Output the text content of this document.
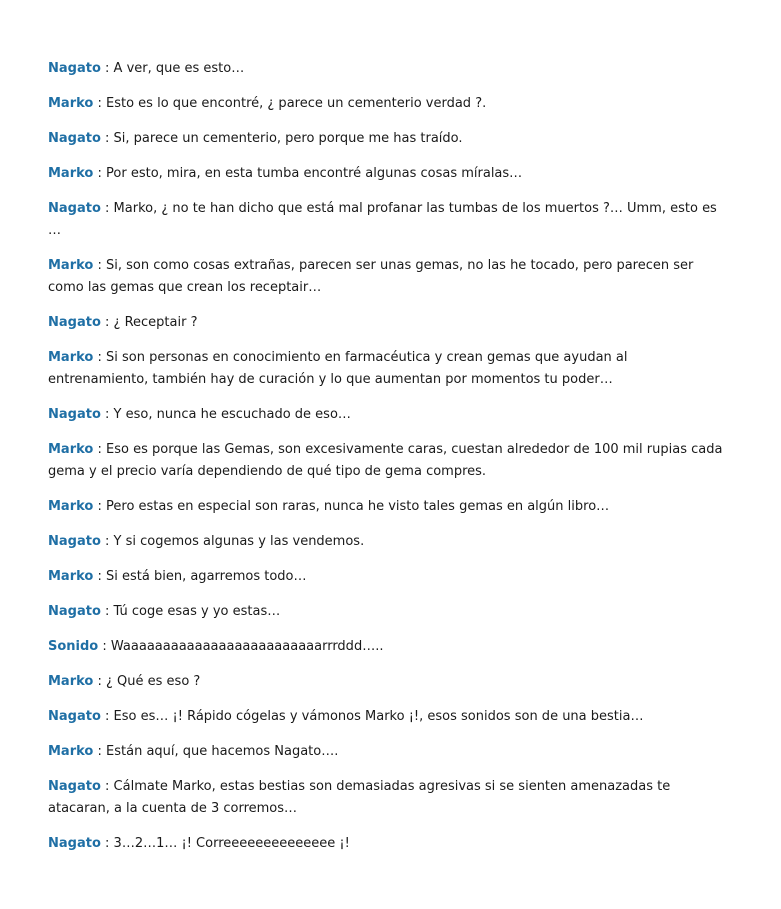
Nagato : A ver, que es esto…

Marko : Esto es lo que encontré, ¿ parece un cementerio verdad ?.

Nagato : Si, parece un cementerio, pero porque me has traído.

Marko : Por esto, mira, en esta tumba encontré algunas cosas míralas…

Nagato : Marko, ¿ no te han dicho que está mal profanar las tumbas de los muertos ?… Umm, esto es …

Marko : Si, son como cosas extrañas, parecen ser unas gemas, no las he tocado, pero parecen ser como las gemas que crean los receptair…

Nagato : ¿ Receptair ?

Marko : Si son personas en conocimiento en farmacéutica y crean gemas que ayudan al entrenamiento, también hay de curación y lo que aumentan por momentos tu poder…

Nagato : Y eso, nunca he escuchado de eso…

Marko : Eso es porque las Gemas, son excesivamente caras, cuestan alrededor de 100 mil rupias cada gema y el precio varía dependiendo de qué tipo de gema compres.

Marko : Pero estas en especial son raras, nunca he visto tales gemas en algún libro…

Nagato : Y si cogemos algunas y las vendemos.

Marko : Si está bien, agarremos todo…

Nagato : Tú coge esas y yo estas…

Sonido : Waaaaaaaaaaaaaaaaaaaaaaaaarrrddd…..

Marko : ¿ Qué es eso ?

Nagato : Eso es… ¡! Rápido cógelas y vámonos Marko ¡!, esos sonidos son de una bestia…

Marko : Están aquí, que hacemos Nagato….

Nagato : Cálmate Marko, estas bestias son demasiadas agresivas si se sienten amenazadas te atacaran, a la cuenta de 3 corremos…

Nagato : 3…2…1… ¡! Correeeeeeeeeeeeee ¡!
